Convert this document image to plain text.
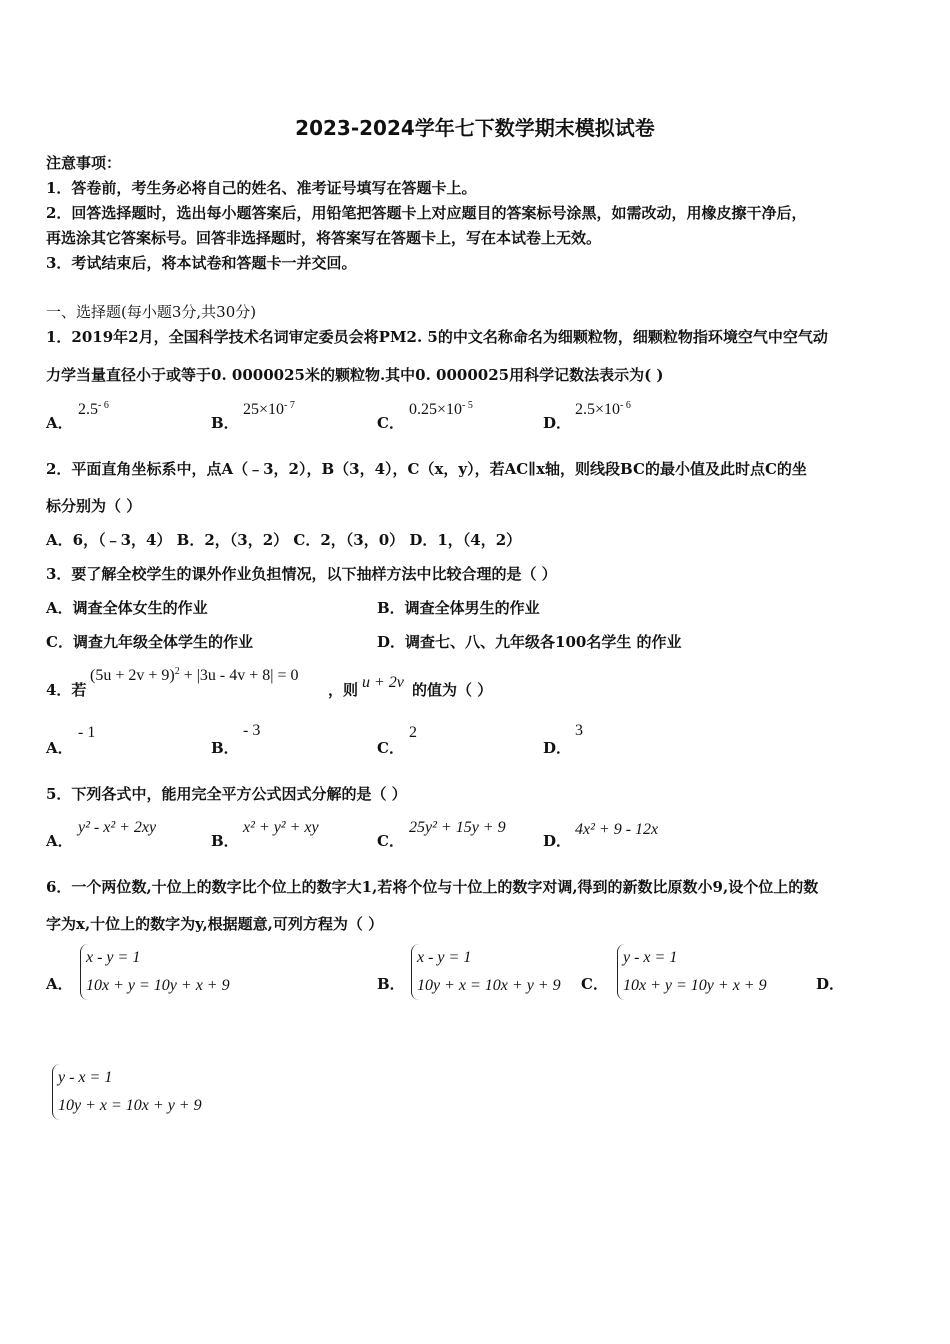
2023-2024学年七下数学期末模拟试卷
注意事项：
1．答卷前，考生务必将自己的姓名、准考证号填写在答题卡上。
2．回答选择题时，选出每小题答案后，用铅笔把答题卡上对应题目的答案标号涂黑，如需改动，用橡皮擦干净后，
再选涂其它答案标号。回答非选择题时，将答案写在答题卡上，写在本试卷上无效。
3．考试结束后，将本试卷和答题卡一并交回。
一、选择题(每小题3分,共30分)
1．2019年2月，全国科学技术名词审定委员会将PM2. 5的中文名称命名为细颗粒物，细颗粒物指环境空气中空气动
力学当量直径小于或等于0. 0000025米的颗粒物.其中0. 0000025用科学记数法表示为( )
A．
$2.5^{- 6}$
B．
$25\times 10^{- 7}$
C．
$0.25\times 10^{- 5}$
D．
$2.5\times 10^{- 6}$
2．平面直角坐标系中，点A（﹣3，2），B（3，4），C（x，y），若AC∥x轴，则线段BC的最小值及此时点C的坐
标分别为（ ）
A．6，（﹣3，4） B．2，（3，2） C．2，（3，0） D．1，（4，2）
3．要了解全校学生的课外作业负担情况，以下抽样方法中比较合理的是（ ）
A．调查全体女生的作业	B．调查全体男生的作业
C．调查九年级全体学生的作业	D．调查七、八、九年级各100名学生 的作业
4．若
$(5u + 2v + 9)^2 + |3u - 4v + 8| = 0$
，则 u + 2v 的值为（ ）
A．
- 1
B．
- 3
C．
2
D．
3
5．下列各式中，能用完全平方公式因式分解的是（ ）
A．
y² - x² + 2xy
B．
x² + y² + xy
C．
25y² + 15y + 9
D．
4x² + 9 - 12x
6．一个两位数,十位上的数字比个位上的数字大1,若将个位与十位上的数字对调,得到的新数比原数小9,设个位上的数
字为x,十位上的数字为y,根据题意,可列方程为（ ）
A．
x - y = 1
10x + y = 10y + x + 9	B．
x - y = 1
10y + x = 10x + y + 9 C．
y - x = 1
10x + y = 10y + x + 9	D．
y - x = 1
10y + x = 10x + y + 9
